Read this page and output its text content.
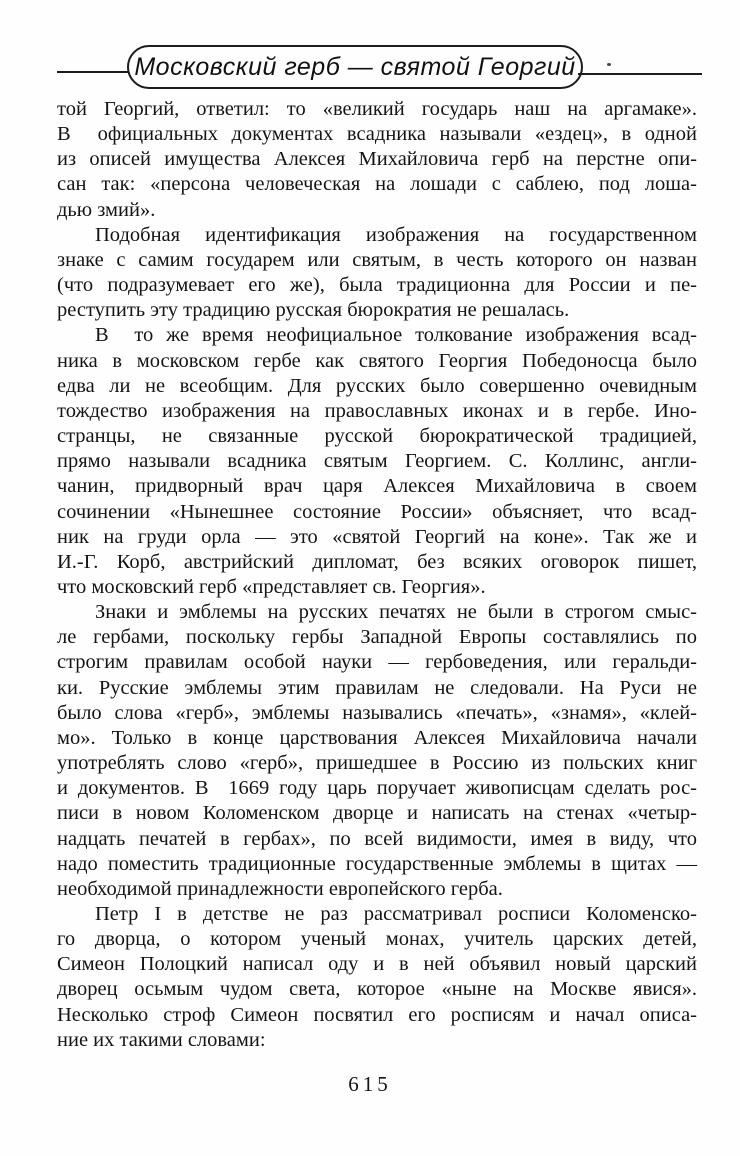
Московский герб — святой Георгий
той Георгий, ответил: то «великий государь наш на аргамаке».
В  официальных документах всадника называли «ездец», в одной
из описей имущества Алексея Михайловича герб на перстне опи-
сан так: «персона человеческая на лошади с саблею, под лоша-
дью змий».
Подобная идентификация изображения на государственном
знаке с самим государем или святым, в честь которого он назван
(что подразумевает его же), была традиционна для России и пе-
реступить эту традицию русская бюрократия не решалась.
В  то же время неофициальное толкование изображения всад-
ника в московском гербе как святого Георгия Победоносца было
едва ли не всеобщим. Для русских было совершенно очевидным
тождество изображения на православных иконах и в гербе. Ино-
странцы, не связанные русской бюрократической традицией,
прямо называли всадника святым Георгием. С. Коллинс, англи-
чанин, придворный врач царя Алексея Михайловича в своем
сочинении «Нынешнее состояние России» объясняет, что всад-
ник на груди орла — это «святой Георгий на коне». Так же и
И.-Г. Корб, австрийский дипломат, без всяких оговорок пишет,
что московский герб «представляет св. Георгия».
Знаки и эмблемы на русских печатях не были в строгом смыс-
ле гербами, поскольку гербы Западной Европы составлялись по
строгим правилам особой науки — гербоведения, или геральди-
ки. Русские эмблемы этим правилам не следовали. На Руси не
было слова «герб», эмблемы назывались «печать», «знамя», «клей-
мо». Только в конце царствования Алексея Михайловича начали
употреблять слово «герб», пришедшее в Россию из польских книг
и документов. В  1669 году царь поручает живописцам сделать рос-
писи в новом Коломенском дворце и написать на стенах «четыр-
надцать печатей в гербах», по всей видимости, имея в виду, что
надо поместить традиционные государственные эмблемы в щитах —
необходимой принадлежности европейского герба.
Петр I в детстве не раз рассматривал росписи Коломенско-
го дворца, о котором ученый монах, учитель царских детей,
Симеон Полоцкий написал оду и в ней объявил новый царский
дворец осьмым чудом света, которое «ныне на Москве явися».
Несколько строф Симеон посвятил его росписям и начал описа-
ние их такими словами:
615
